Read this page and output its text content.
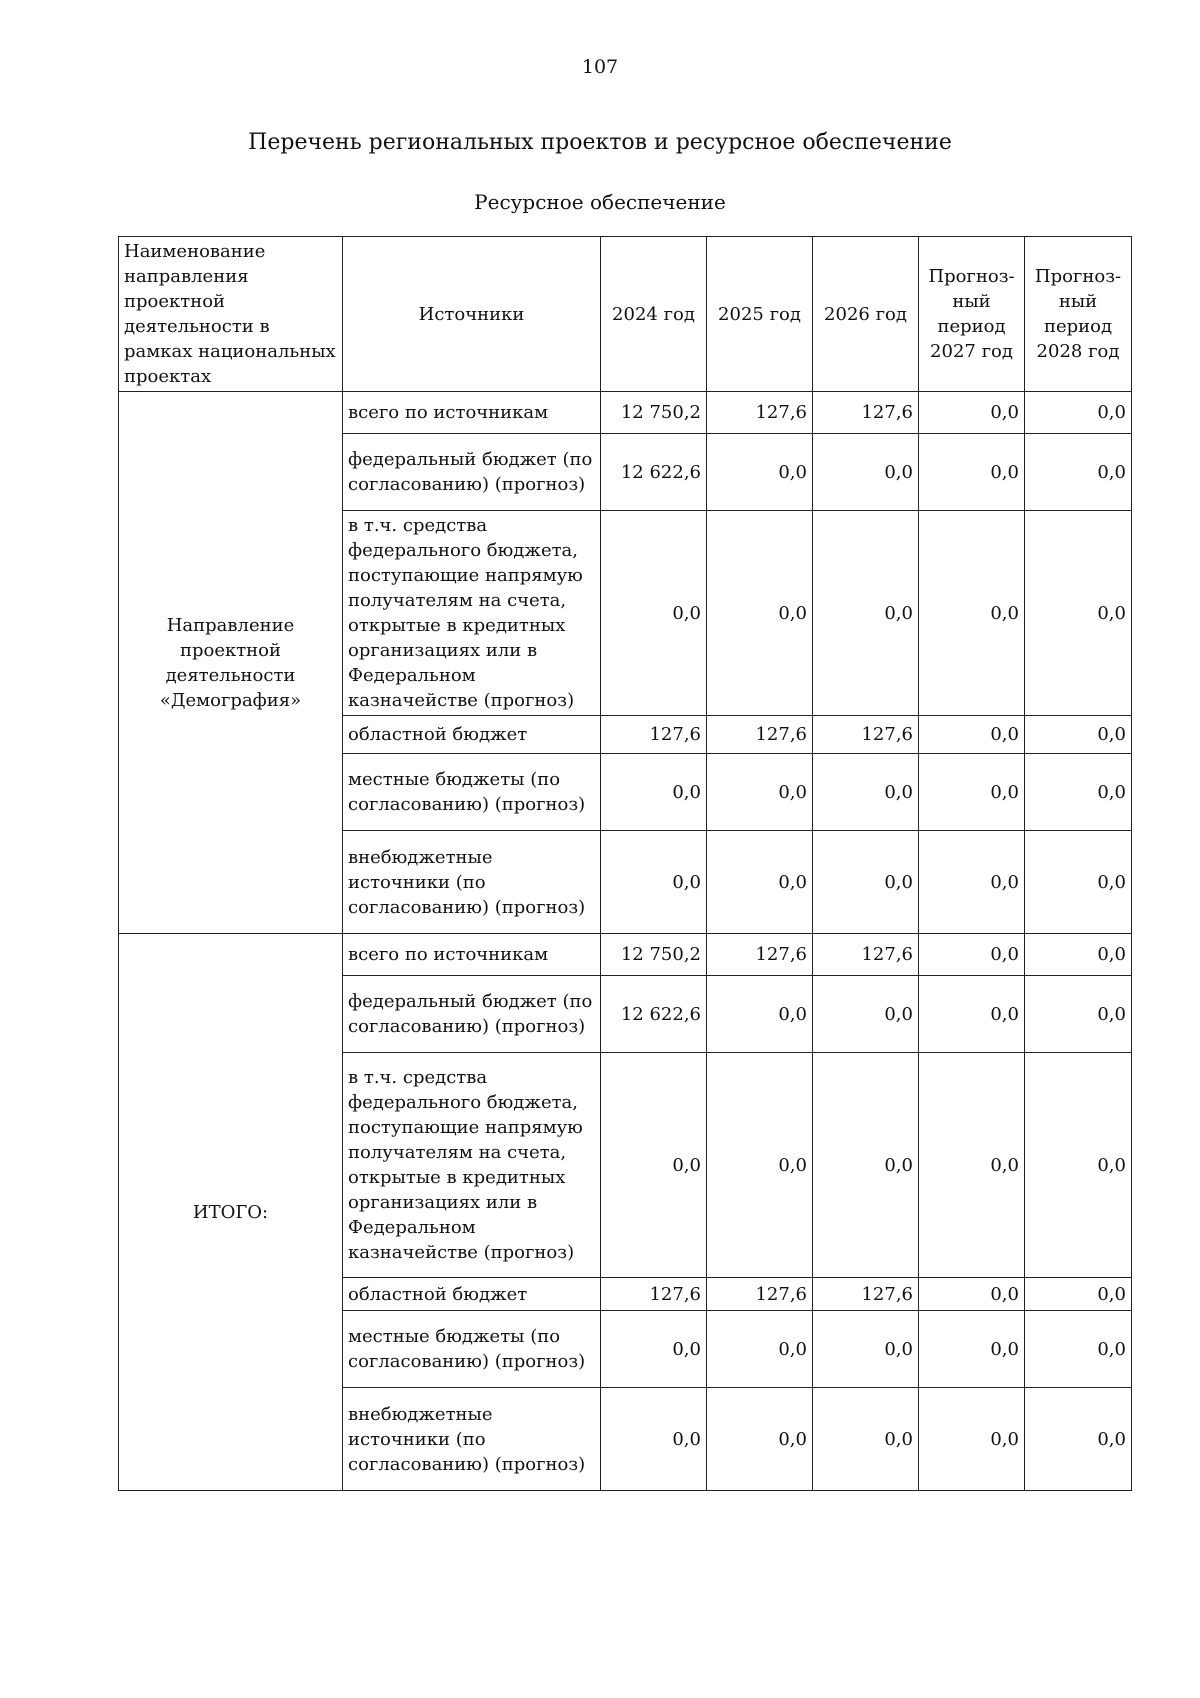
107
Перечень региональных проектов и ресурсное обеспечение
Ресурсное обеспечение
Наименование направления проектной деятельности в рамках национальных проектах	Источники	2024 год	2025 год	2026 год	Прогноз-ный период 2027 год	Прогноз-ный период 2028 год
Направление проектной деятельности «Демография»	всего по источникам	12 750,2	127,6	127,6	0,0	0,0
	федеральный бюджет (по согласованию) (прогноз)	12 622,6	0,0	0,0	0,0	0,0
	в т.ч. средства федерального бюджета, поступающие напрямую получателям на счета, открытые в кредитных организациях или в Федеральном казначействе (прогноз)	0,0	0,0	0,0	0,0	0,0
	областной бюджет	127,6	127,6	127,6	0,0	0,0
	местные бюджеты (по согласованию) (прогноз)	0,0	0,0	0,0	0,0	0,0
	внебюджетные источники (по согласованию) (прогноз)	0,0	0,0	0,0	0,0	0,0
ИТОГО:	всего по источникам	12 750,2	127,6	127,6	0,0	0,0
	федеральный бюджет (по согласованию) (прогноз)	12 622,6	0,0	0,0	0,0	0,0
	в т.ч. средства федерального бюджета, поступающие напрямую получателям на счета, открытые в кредитных организациях или в Федеральном казначействе (прогноз)	0,0	0,0	0,0	0,0	0,0
	областной бюджет	127,6	127,6	127,6	0,0	0,0
	местные бюджеты (по согласованию) (прогноз)	0,0	0,0	0,0	0,0	0,0
	внебюджетные источники (по согласованию) (прогноз)	0,0	0,0	0,0	0,0	0,0
